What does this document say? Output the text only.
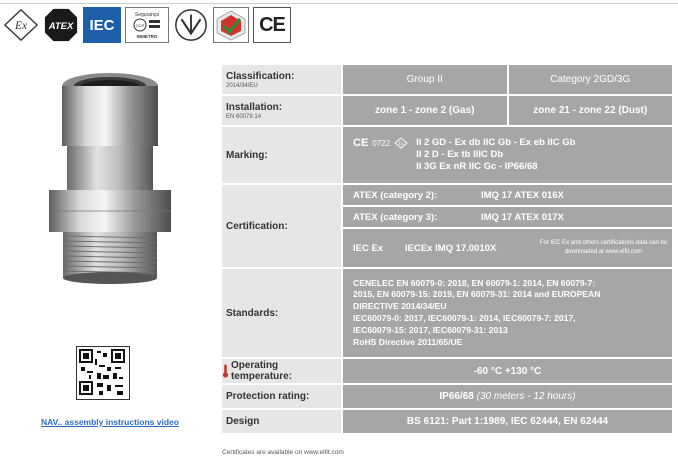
Ex ATEX IEC
Segurança
OCP
INMETRO
CE
NAV.. assembly instructions video
Classification:
2014/34/EU
Group II	Category 2GD/3G
Installation:
EN 60079.14
zone 1 - zone 2 (Gas)	zone 21 - zone 22 (Dust)
Marking:
CE 0722 Ex II 2 GD - Ex db IIC Gb - Ex eb IIC Gb
II 2 D - Ex tb IIIC Db
II 3G Ex nR IIC Gc - IP66/68
Certification:
ATEX (category 2):	IMQ 17 ATEX 016X
ATEX (category 3):	IMQ 17 ATEX 017X
IEC Ex	IECEx IMQ 17.0010X	For IEC Ex and others certifications data can be downloaded at www.elfit.com
Standards:
CENELEC EN 60079-0: 2018, EN 60079-1: 2014, EN 60079-7:
2015, EN 60079-15: 2019, EN 60079-31: 2014 and EUROPEAN
DIRECTIVE 2014/34/EU
IEC60079-0: 2017, IEC60079-1: 2014, IEC60079-7: 2017,
IEC60079-15: 2017, IEC60079-31: 2013
RoHS Directive 2011/65/UE
Operating temperature:	-60 °C +130 °C
Protection rating:	IP66/68
(30 meters - 12 hours)
Design	BS 6121: Part 1:1989, IEC 62444, EN 62444
Certificates are available on www.elfit.com
